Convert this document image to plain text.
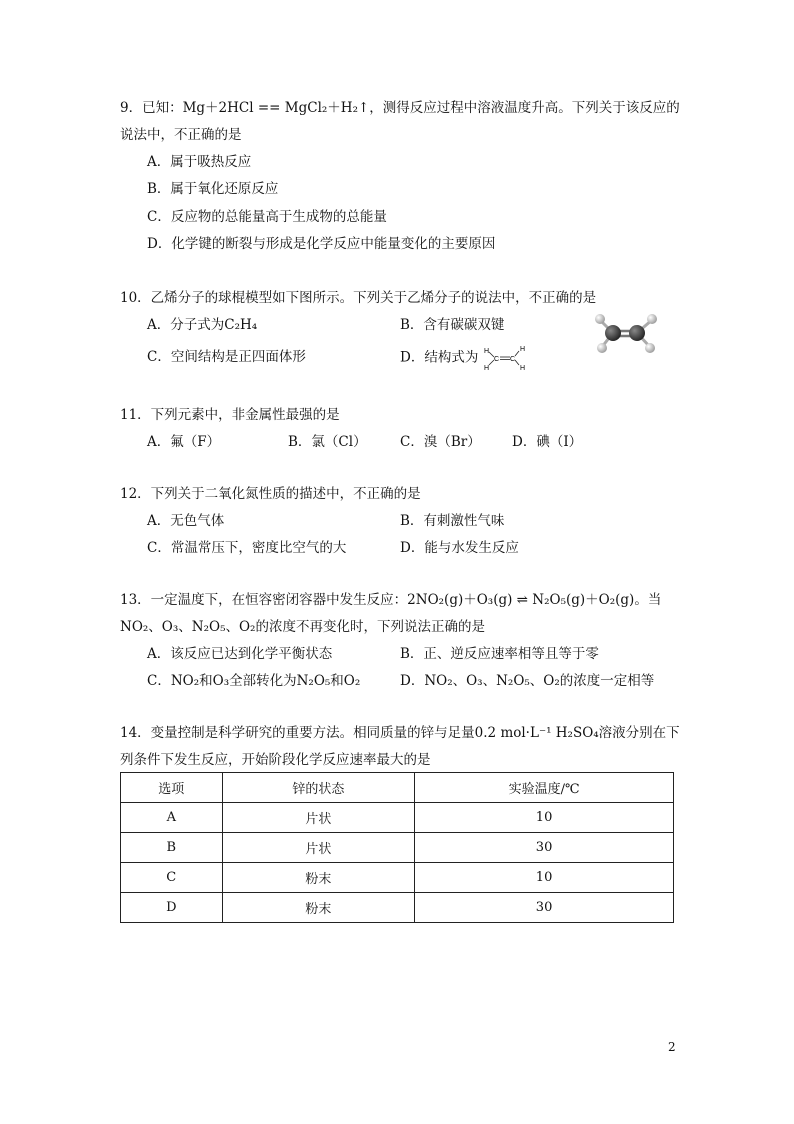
9．已知：Mg＋2HCl == MgCl₂＋H₂↑，测得反应过程中溶液温度升高。下列关于该反应的
说法中，不正确的是
A．属于吸热反应
B．属于氧化还原反应
C．反应物的总能量高于生成物的总能量
D．化学键的断裂与形成是化学反应中能量变化的主要原因
10．乙烯分子的球棍模型如下图所示。下列关于乙烯分子的说法中，不正确的是
A．分子式为C₂H₄	B．含有碳碳双键
C．空间结构是正四面体形	D．结构式为 H
H
C C
H
H
11．下列元素中，非金属性最强的是
A．氟（F）	B．氯（Cl） C．溴（Br） D．碘（I）
12．下列关于二氧化氮性质的描述中，不正确的是
A．无色气体	B．有刺激性气味
C．常温常压下，密度比空气的大	D．能与水发生反应
13．一定温度下，在恒容密闭容器中发生反应：2NO₂(g)＋O₃(g) ⇌ N₂O₅(g)＋O₂(g)。当
NO₂、O₃、N₂O₅、O₂的浓度不再变化时，下列说法正确的是
A．该反应已达到化学平衡状态	B．正、逆反应速率相等且等于零
C．NO₂和O₃全部转化为N₂O₅和O₂	D．NO₂、O₃、N₂O₅、O₂的浓度一定相等
14．变量控制是科学研究的重要方法。相同质量的锌与足量0.2 mol·L⁻¹ H₂SO₄溶液分别在下
列条件下发生反应，开始阶段化学反应速率最大的是
选项	锌的状态	实验温度/℃
A	片状	10
B	片状	30
C	粉末	10
D	粉末	30
2
